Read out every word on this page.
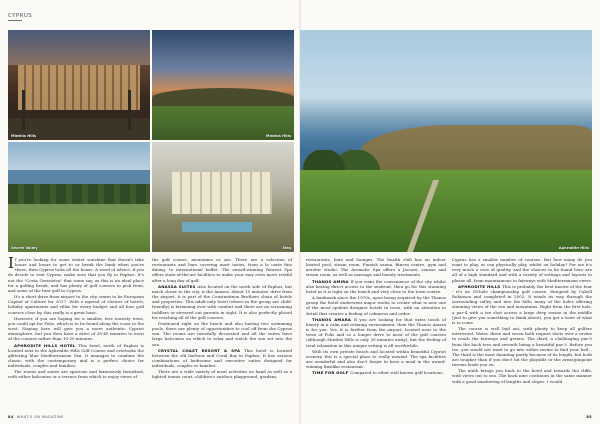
CYPRUS
Minthis Hills	Minthis Hills
Secret Valley	Elea	Aphrodite Hills

If you're looking for some winter sunshine that doesn't take hours and hours to get to or break the bank when you're there, then Cyprus ticks all the boxes. A word of advice, if you do decide to visit Cyprus, make sure that you fly to Paphos. It's not the "Costa Geriatrica" that some say, as this is an ideal place for a golfing break, and has plenty of golf courses to pick from, and some of the best golf in Cyprus.

It's a short drive from airport to the city, warm to be European Capital of Culture for 2017. With a myriad of choices of hotels, holiday apartments and villas for every budget and all four golf courses close by, this really is a great base.

However, if you are hoping for a smaller, less touristy town, you could opt for Polis, which is to be found along the coast to the west. Staying here will give you a more authentic Cypriot atmosphere, but you then have a drive of 30-40 minutes to most of the courses rather than 10-20 minutes.

APHRODITE HILLS HOTEL This hotel, north of Paphos is located next to the Aphrodite Hills Golf Course and overlooks the glittering blue Mediterranean Sea. It manages to combine the classic with the contemporary and is a perfect choice for individuals, couples and families.

The rooms and suites are spacious and luxuriously furnished, with either balconies or a terrace from which to enjoy views of

the golf course, mountains or sea. There are a selection of restaurants and bars covering most tastes, from a la carte fine dining, to international buffet. The award-winning Retreat Spa offers state-of-the-art facilities to make your stay even more restful after a long day of golf.

ANASSA SUITES Also located on the north side of Paphos, but much closer to the city, is the Anassa. About 15 minutes' drive from the airport, it is part of the Constantinou Brothers chain of hotels and properties. This adult-only hotel (where in the group are child-friendly) is brimming over with comfort and there are no screaming toddlers or stressed out parents in sight. It is also perfectly placed for reaching all of the golf courses.

Positioned right on the beach and also having two swimming pools, there are plenty of opportunities to cool off from the Cyprus sun. The rooms are tastefully decorated and all the suites have large balconies on which to relax and watch the sun set into the sea.

CRYSTAL COAST RESORT & SPA This hotel is located between the old harbour and Coral Bay in Paphos. It has various combinations of bedrooms and executive suites designed for individuals, couples or families.

There are a wide variety of meat activities on hand as well as a lighted tennis court, children's outdoor playground, gardens,

restaurants, bars and lounges. The health club has an indoor heated pool, steam room, Finnish sauna, fitness centre, gym and aerobic studio. The Aromatic Spa offers a Jacuzzi, saunas and steam room, as well as massage and beauty treatments.

THANOS AMIRA If you want the convenience of the city whilst also having direct access to the seafront, then go for this stunning hotel as it is right on the beach and very close to the town centre.

A landmark since the 1970s, upon being acquired by the Thanos group the hotel underwent major works to create what is now one of the most opulent designer hotels in town, with an attention to detail that creates a feeling of calmness and order.

THANOS AMARA If you are looking for that extra touch of luxury in a calm and relaxing environment, then the Thanos Amara is for you. Yes, it is further from the airport, located near to the town of Polis and so a longer drive to most of the golf courses (although Minthis Hills is only 20 minutes away), but the feeling of total relaxation in this unique setting is all worthwhile.

With its own private beach and located within beautiful Cypriot scenery, this is a special place to really unwind. The spa facilities are wonderful and also don't forget to have a meal in the award-winning Basiliko restaurant.

TIME FOR GOLF Compared to other well known golf locations,

Cyprus has a smaller number of courses. But how many do you want to play, or can physically play, whilst on holiday? For me it's very much a case of quality, and the choices to be found here are all of a high standard and with a variety of settings and layouts to please all, from mountainous to fairways with Mediterranean views.

APHRODITE HILLS This is probably the best known of the four - it's an 18-hole championship golf course, designed by Cabell Robinson and completed in 2002. It winds its way through the surrounding valley and into the hills; many of the holes offering stunning views of the sea and mountains. Right from the first hole, a par-4 with a tee shot across a large deep ravine in the middle (just to give you something to think about), you get a taste of what is to come.

The course is well laid out, with plenty to keep all golfers interested. Water, three and seven both require shots over a ravine to reach the fairways and greens. The third, a challenging par-5 from the back tees and seventh being a beautiful par-3. Before you tee, you would not want to go into either ravine to find your ball... The third is the most daunting partly because of its length, but both are tougher than if you don't hit the playable or the areas/pinpoint tweens leads you on.

The ninth brings you back to the hotel and towards the cliffs, with views out to sea. The back nine continues in the same manner with a good smattering of lengths and slopes. I would

84 WHAT'S ON MAGAZINE	85
